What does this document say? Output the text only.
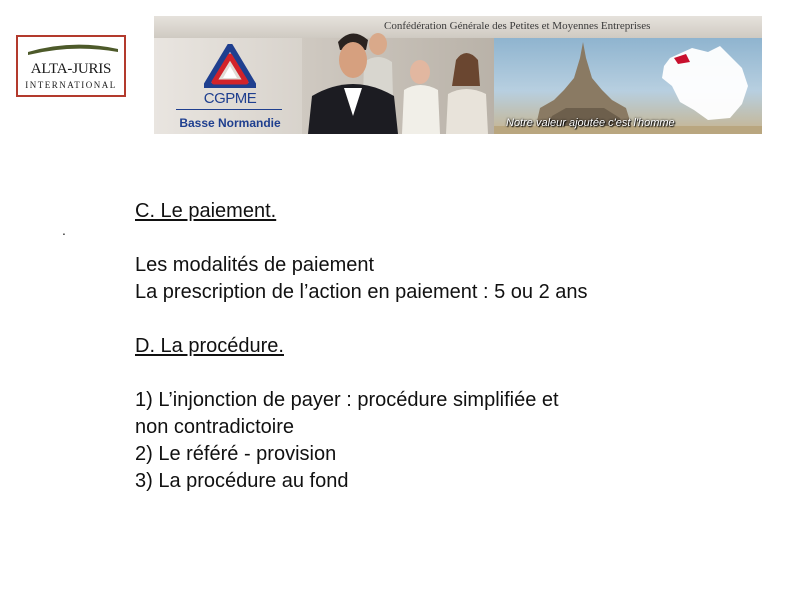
ALTA-JURIS
INTERNATIONAL
Confédération Générale des Petites et Moyennes Entreprises
CGPME
Basse Normandie	Notre valeur ajoutée c'est l'homme
.
C. Le paiement.
Les modalités de paiement
La prescription de l’action en paiement : 5 ou 2 ans
D. La procédure.
1) L’injonction de payer : procédure simplifiée et
non contradictoire
2) Le référé - provision
3) La procédure au fond
